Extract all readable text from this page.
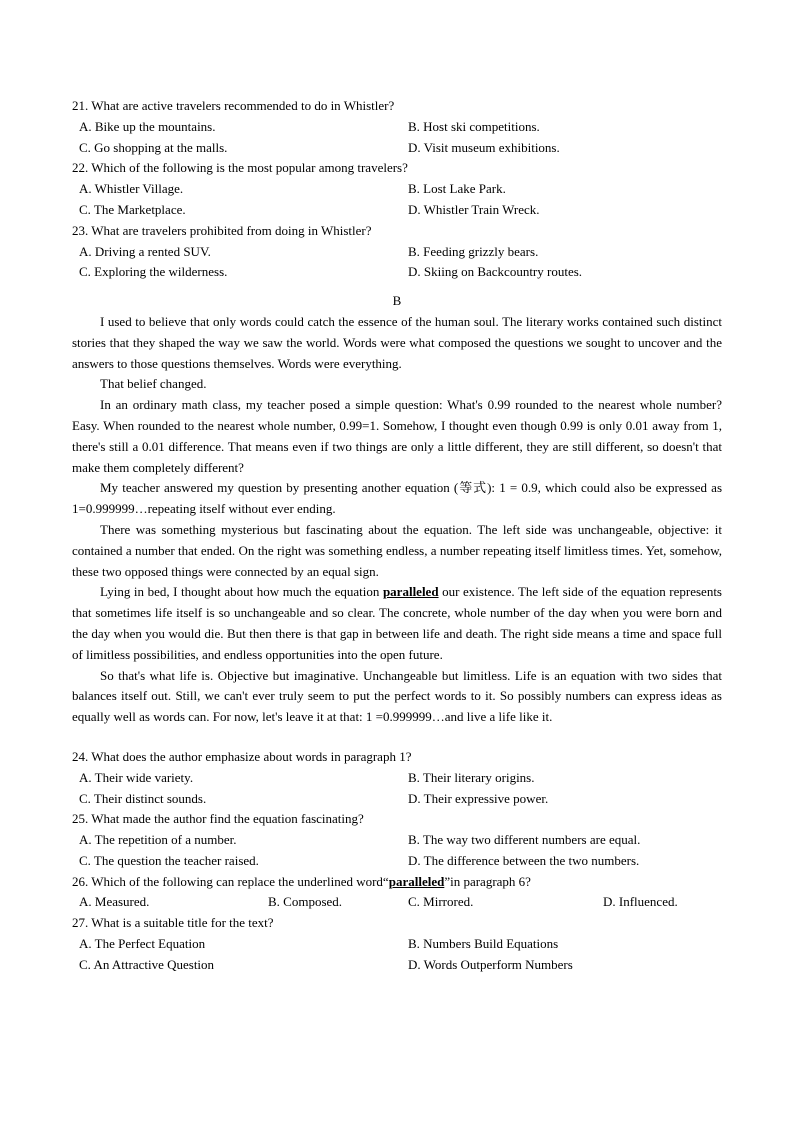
21. What are active travelers recommended to do in Whistler?
A. Bike up the mountains.	B. Host ski competitions.
C. Go shopping at the malls.	D. Visit museum exhibitions.
22. Which of the following is the most popular among travelers?
A. Whistler Village.	B. Lost Lake Park.
C. The Marketplace.	D. Whistler Train Wreck.
23. What are travelers prohibited from doing in Whistler?
A. Driving a rented SUV.	B. Feeding grizzly bears.
C. Exploring the wilderness.	D. Skiing on Backcountry routes.
B

I used to believe that only words could catch the essence of the human soul. The literary works contained such distinct stories that they shaped the way we saw the world. Words were what composed the questions we sought to uncover and the answers to those questions themselves. Words were everything.

That belief changed.

In an ordinary math class, my teacher posed a simple question: What's 0.99 rounded to the nearest whole number? Easy. When rounded to the nearest whole number, 0.99=1. Somehow, I thought even though 0.99 is only 0.01 away from 1, there's still a 0.01 difference. That means even if two things are only a little different, they are still different, so doesn't that make them completely different?

My teacher answered my question by presenting another equation (等式): 1 = 0.9, which could also be expressed as 1=0.999999…repeating itself without ever ending.

There was something mysterious but fascinating about the equation. The left side was unchangeable, objective: it contained a number that ended. On the right was something endless, a number repeating itself limitless times. Yet, somehow, these two opposed things were connected by an equal sign.

Lying in bed, I thought about how much the equation paralleled our existence. The left side of the equation represents that sometimes life itself is so unchangeable and so clear. The concrete, whole number of the day when you were born and the day when you would die. But then there is that gap in between life and death. The right side means a time and space full of limitless possibilities, and endless opportunities into the open future.

So that's what life is. Objective but imaginative. Unchangeable but limitless. Life is an equation with two sides that balances itself out. Still, we can't ever truly seem to put the perfect words to it. So possibly numbers can express ideas as equally well as words can. For now, let's leave it at that: 1 =0.999999…and live a life like it.

24. What does the author emphasize about words in paragraph 1?
A. Their wide variety.	B. Their literary origins.
C. Their distinct sounds.	D. Their expressive power.
25. What made the author find the equation fascinating?
A. The repetition of a number.	B. The way two different numbers are equal.
C. The question the teacher raised.	D. The difference between the two numbers.
26. Which of the following can replace the underlined word“paralleled”in paragraph 6?
A. Measured.	B. Composed.	C. Mirrored.	D. Influenced.
27. What is a suitable title for the text?
A. The Perfect Equation	B. Numbers Build Equations
C. An Attractive Question	D. Words Outperform Numbers
